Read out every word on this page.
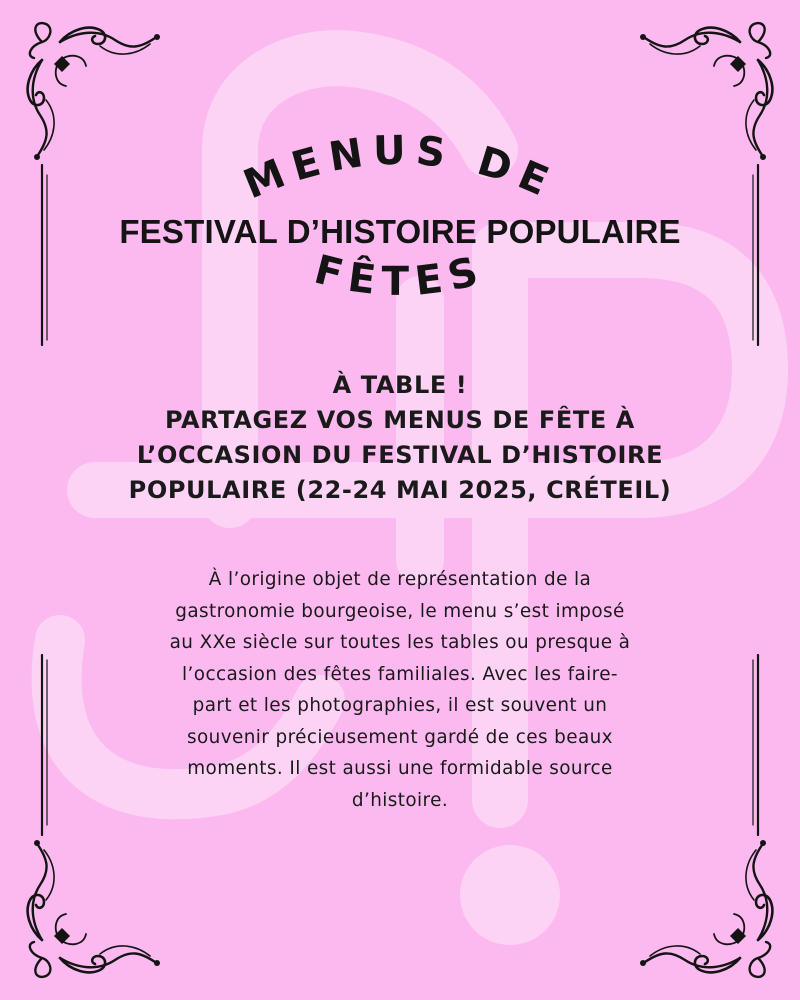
MENUS DE
FESTIVAL D’HISTOIRE POPULAIRE
FÊTES
À TABLE !
PARTAGEZ VOS MENUS DE FÊTE À
L’OCCASION DU FESTIVAL D’HISTOIRE
POPULAIRE (22-24 MAI 2025, CRÉTEIL)
À l’origine objet de représentation de la
gastronomie bourgeoise, le menu s’est imposé
au XXe siècle sur toutes les tables ou presque à
l’occasion des fêtes familiales. Avec les faire-
part et les photographies, il est souvent un
souvenir précieusement gardé de ces beaux
moments. Il est aussi une formidable source
d’histoire.
